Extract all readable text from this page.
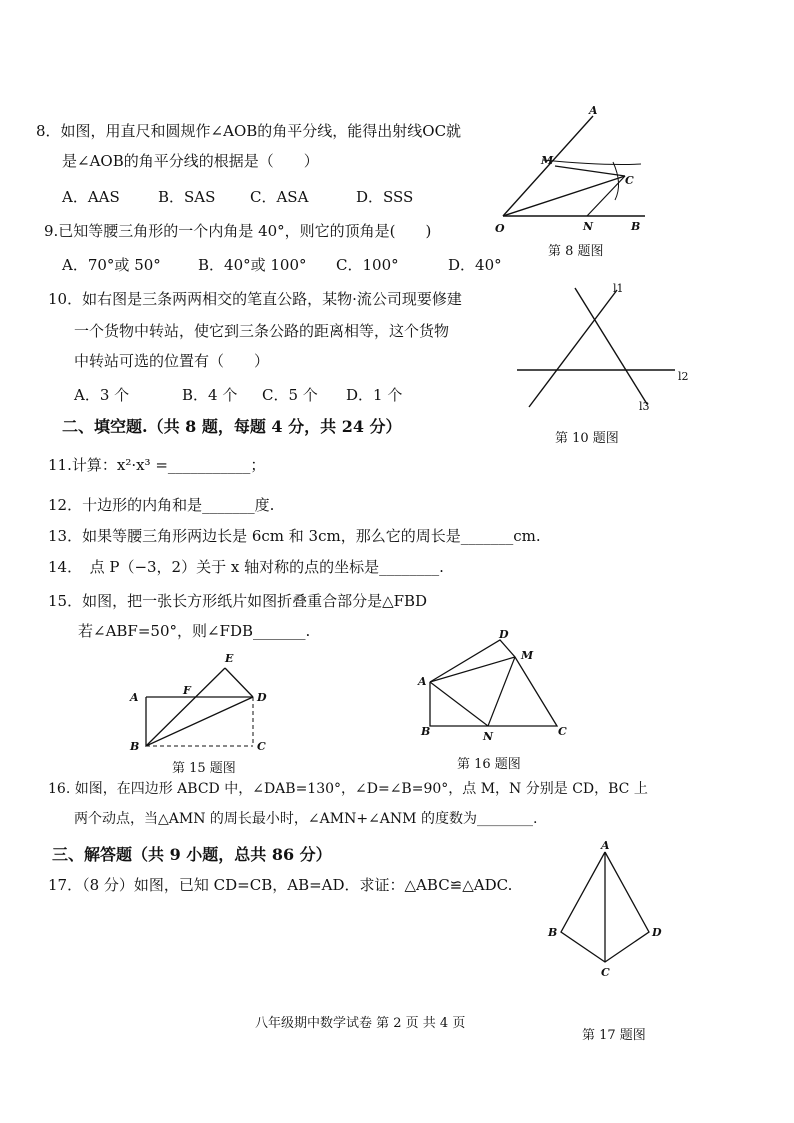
8．如图，用直尺和圆规作∠AOB的角平分线，能得出射线OC就
是∠AOB的角平分线的根据是（　　）
A．AAS	B．SAS C．ASA	D．SSS
A
M
C
O	N	B
第 8 题图
9.已知等腰三角形的一个内角是 40°，则它的顶角是(　　)
A．70°或 50° B．40°或 100° C．100°	D．40°
10．如右图是三条两两相交的笔直公路，某物·流公司现要修建
一个货物中转站，使它到三条公路的距离相等，这个货物
中转站可选的位置有（　　）
A．3 个	B．4 个 C．5 个 D．1 个
l1
l2
l3
第 10 题图
二、填空题.（共 8 题，每题 4 分，共 24 分）
11.计算：x²·x³ =___________；
12．十边形的内角和是_______度.
13．如果等腰三角形两边长是 6cm 和 3cm，那么它的周长是_______cm.
14．　点 P（−3，2）关于 x 轴对称的点的坐标是________.
15．如图，把一张长方形纸片如图折叠重合部分是△FBD
若∠ABF=50°，则∠FDB_______.
E
A
F
D
B	C
第 15 题图
D
M
A
B	N	C
第 16 题图
16. 如图，在四边形 ABCD 中，∠DAB=130°，∠D=∠B=90°，点 M，N 分别是 CD，BC 上
两个动点，当△AMN 的周长最小时，∠AMN+∠ANM 的度数为________.
三、解答题（共 9 小题，总共 86 分）
17．（8 分）如图，已知 CD=CB，AB=AD．求证：△ABC≌△ADC.
A
B	D
C
八年级期中数学试卷 第 2 页 共 4 页
第 17 题图
